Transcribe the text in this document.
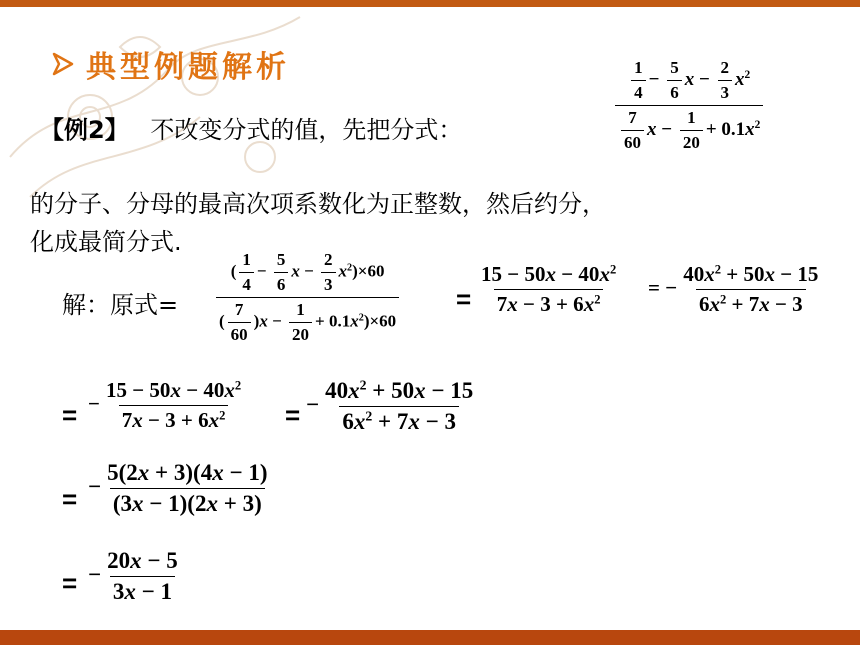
典型例题解析
【例2】 不改变分式的值，先把分式：	$\frac{\frac{1}{4} - \frac{5}{6} x - \frac{2}{3} x^2}{\frac{7}{60} x - \frac{1}{20} + 0.1x^2}$
的分子、分母的最高次项系数化为正整数，然后约分，
化成最简分式.
解：原式= $\frac{( \frac{1}{4} - \frac{5}{6} x - \frac{2}{3} x^2)\times 60}{( \frac{7}{60} )x - \frac{1}{20} + 0.1x^2)\times 60} = \frac{15 - 50x - 40x^2}{7x - 3 + 6x^2}$ = − $\frac{40x^2 + 50x - 15}{6x^2 + 7x - 3}$
= − $\frac{15 - 50x - 40x^2}{7x - 3 + 6x^2}$ = − $\frac{40x^2 + 50x - 15}{6x^2 + 7x - 3}$
= − $\frac{5(2x + 3)(4x - 1)}{(3x - 1)(2x + 3)}$
= − $\frac{20x - 5}{3x - 1}$
